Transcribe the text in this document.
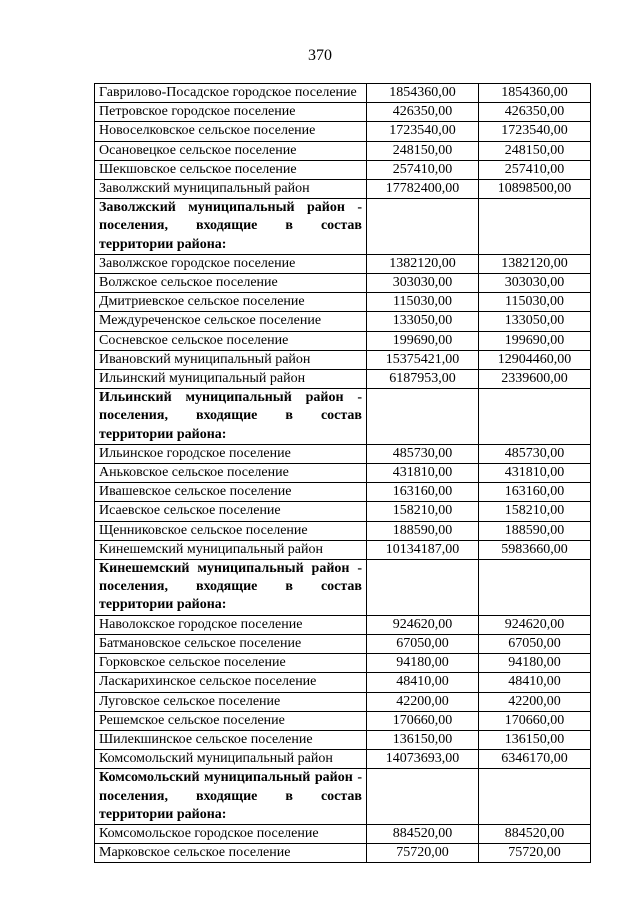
370
Гаврилово-Посадское городское поселение	1854360,00	1854360,00
Петровское городское поселение	426350,00	426350,00
Новоселковское сельское поселение	1723540,00	1723540,00
Осановецкое сельское поселение	248150,00	248150,00
Шекшовское сельское поселение	257410,00	257410,00
Заволжский муниципальный район	17782400,00	10898500,00
Заволжский муниципальный район - поселения, входящие в состав территории района:		
Заволжское городское поселение	1382120,00	1382120,00
Волжское сельское поселение	303030,00	303030,00
Дмитриевское сельское поселение	115030,00	115030,00
Междуреченское сельское поселение	133050,00	133050,00
Сосневское сельское поселение	199690,00	199690,00
Ивановский муниципальный район	15375421,00	12904460,00
Ильинский муниципальный район	6187953,00	2339600,00
Ильинский муниципальный район - поселения, входящие в состав территории района:		
Ильинское городское поселение	485730,00	485730,00
Аньковское сельское поселение	431810,00	431810,00
Ивашевское сельское поселение	163160,00	163160,00
Исаевское сельское поселение	158210,00	158210,00
Щенниковское сельское поселение	188590,00	188590,00
Кинешемский муниципальный район	10134187,00	5983660,00
Кинешемский муниципальный район - поселения, входящие в состав территории района:		
Наволокское городское поселение	924620,00	924620,00
Батмановское сельское поселение	67050,00	67050,00
Горковское сельское поселение	94180,00	94180,00
Ласкарихинское сельское поселение	48410,00	48410,00
Луговское сельское поселение	42200,00	42200,00
Решемское сельское поселение	170660,00	170660,00
Шилекшинское сельское поселение	136150,00	136150,00
Комсомольский муниципальный район	14073693,00	6346170,00
Комсомольский муниципальный район - поселения, входящие в состав территории района:		
Комсомольское городское поселение	884520,00	884520,00
Марковское сельское поселение	75720,00	75720,00
